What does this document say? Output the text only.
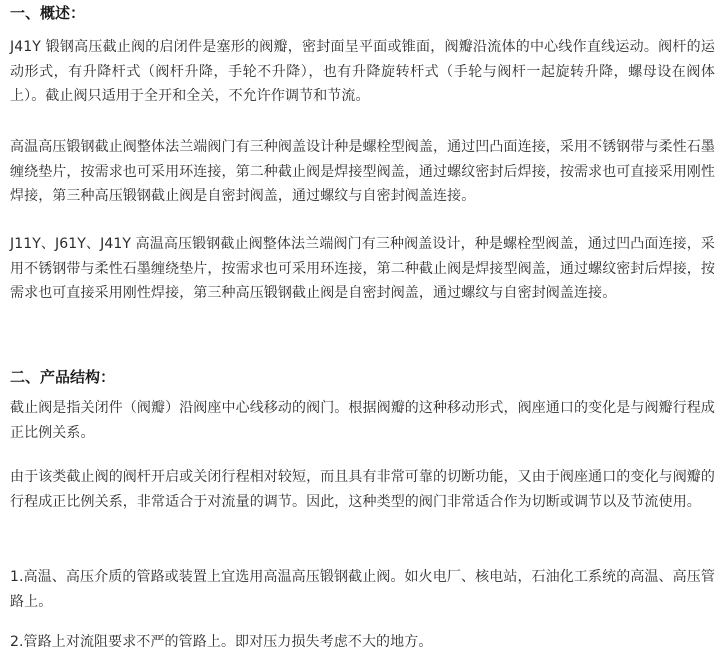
一、概述：

J41Y 锻钢高压截止阀的启闭件是塞形的阀瓣，密封面呈平面或锥面，阀瓣沿流体的中心线作直线运动。阀杆的运动形式，有升降杆式（阀杆升降，手轮不升降），也有升降旋转杆式（手轮与阀杆一起旋转升降，螺母设在阀体上）。截止阀只适用于全开和全关，不允许作调节和节流。

高温高压锻钢截止阀整体法兰端阀门有三种阀盖设计种是螺栓型阀盖，通过凹凸面连接，采用不锈钢带与柔性石墨缠绕垫片，按需求也可采用环连接，第二种截止阀是焊接型阀盖，通过螺纹密封后焊接，按需求也可直接采用刚性焊接，第三种高压锻钢截止阀是自密封阀盖，通过螺纹与自密封阀盖连接。

J11Y、J61Y、J41Y 高温高压锻钢截止阀整体法兰端阀门有三种阀盖设计，种是螺栓型阀盖，通过凹凸面连接，采用不锈钢带与柔性石墨缠绕垫片，按需求也可采用环连接，第二种截止阀是焊接型阀盖，通过螺纹密封后焊接，按需求也可直接采用刚性焊接，第三种高压锻钢截止阀是自密封阀盖，通过螺纹与自密封阀盖连接。

二、产品结构：

截止阀是指关闭件（阀瓣）沿阀座中心线移动的阀门。根据阀瓣的这种移动形式，阀座通口的变化是与阀瓣行程成正比例关系。

由于该类截止阀的阀杆开启或关闭行程相对较短，而且具有非常可靠的切断功能，又由于阀座通口的变化与阀瓣的行程成正比例关系，非常适合于对流量的调节。因此，这种类型的阀门非常适合作为切断或调节以及节流使用。

1.高温、高压介质的管路或装置上宜选用高温高压锻钢截止阀。如火电厂、核电站，石油化工系统的高温、高压管路上。

2.管路上对流阻要求不严的管路上。即对压力损失考虑不大的地方。
